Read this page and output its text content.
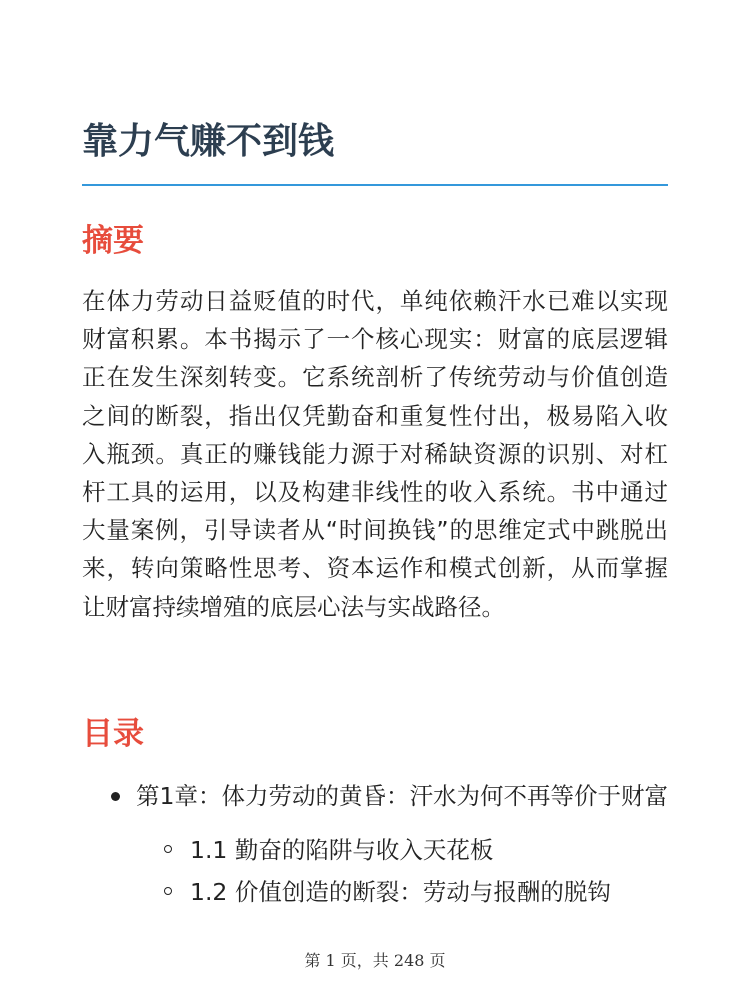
靠力气赚不到钱
摘要

在体力劳动日益贬值的时代，单纯依赖汗水已难以实现财富积累。本书揭示了一个核心现实：财富的底层逻辑正在发生深刻转变。它系统剖析了传统劳动与价值创造之间的断裂，指出仅凭勤奋和重复性付出，极易陷入收入瓶颈。真正的赚钱能力源于对稀缺资源的识别、对杠杆工具的运用，以及构建非线性的收入系统。书中通过大量案例，引导读者从“时间换钱”的思维定式中跳脱出来，转向策略性思考、资本运作和模式创新，从而掌握让财富持续增殖的底层心法与实战路径。

目录
第1章：体力劳动的黄昏：汗水为何不再等价于财富
1.1 勤奋的陷阱与收入天花板
1.2 价值创造的断裂：劳动与报酬的脱钩
第 1 页，共 248 页
